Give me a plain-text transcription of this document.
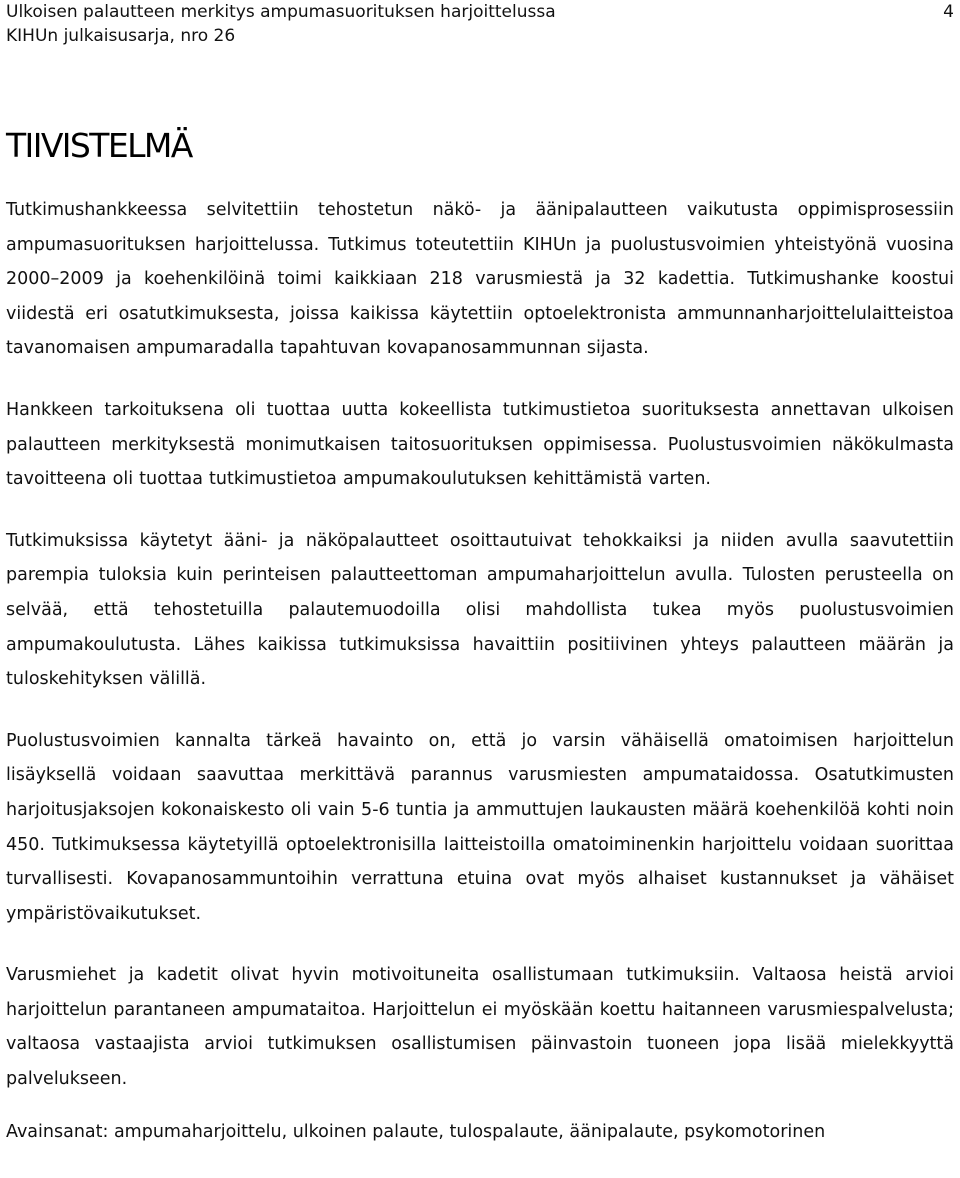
Ulkoisen palautteen merkitys ampumasuorituksen harjoittelussa
KIHUn julkaisusarja, nro 26
4
TIIVISTELMÄ

Tutkimushankkeessa selvitettiin tehostetun näkö- ja äänipalautteen vaikutusta oppimisprosessiin ampumasuorituksen harjoittelussa. Tutkimus toteutettiin KIHUn ja puolustusvoimien yhteistyönä vuosina 2000–2009 ja koehenkilöinä toimi kaikkiaan 218 varusmiestä ja 32 kadettia. Tutkimushanke koostui viidestä eri osatutkimuksesta, joissa kaikissa käytettiin optoelektronista ammunnanharjoittelulaitteistoa tavanomaisen ampumaradalla tapahtuvan kovapanosammunnan sijasta.

Hankkeen tarkoituksena oli tuottaa uutta kokeellista tutkimustietoa suorituksesta annettavan ulkoisen palautteen merkityksestä monimutkaisen taitosuorituksen oppimisessa. Puolustusvoimien näkökulmasta tavoitteena oli tuottaa tutkimustietoa ampumakoulutuksen kehittämistä varten.

Tutkimuksissa käytetyt ääni- ja näköpalautteet osoittautuivat tehokkaiksi ja niiden avulla saavutettiin parempia tuloksia kuin perinteisen palautteettoman ampumaharjoittelun avulla. Tulosten perusteella on selvää, että tehostetuilla palautemuodoilla olisi mahdollista tukea myös puolustusvoimien ampumakoulutusta. Lähes kaikissa tutkimuksissa havaittiin positiivinen yhteys palautteen määrän ja tuloskehityksen välillä.

Puolustusvoimien kannalta tärkeä havainto on, että jo varsin vähäisellä omatoimisen harjoittelun lisäyksellä voidaan saavuttaa merkittävä parannus varusmiesten ampumataidossa. Osatutkimusten harjoitusjaksojen kokonaiskesto oli vain 5-6 tuntia ja ammuttujen laukausten määrä koehenkilöä kohti noin 450. Tutkimuksessa käytetyillä optoelektronisilla laitteistoilla omatoiminenkin harjoittelu voidaan suorittaa turvallisesti. Kovapanosammuntoihin verrattuna etuina ovat myös alhaiset kustannukset ja vähäiset ympäristövaikutukset.

Varusmiehet ja kadetit olivat hyvin motivoituneita osallistumaan tutkimuksiin. Valtaosa heistä arvioi harjoittelun parantaneen ampumataitoa. Harjoittelun ei myöskään koettu haitanneen varusmiespalvelusta; valtaosa vastaajista arvioi tutkimuksen osallistumisen päinvastoin tuoneen jopa lisää mielekkyyttä palvelukseen.

Avainsanat: ampumaharjoittelu, ulkoinen palaute, tulospalaute, äänipalaute, psykomotorinen
